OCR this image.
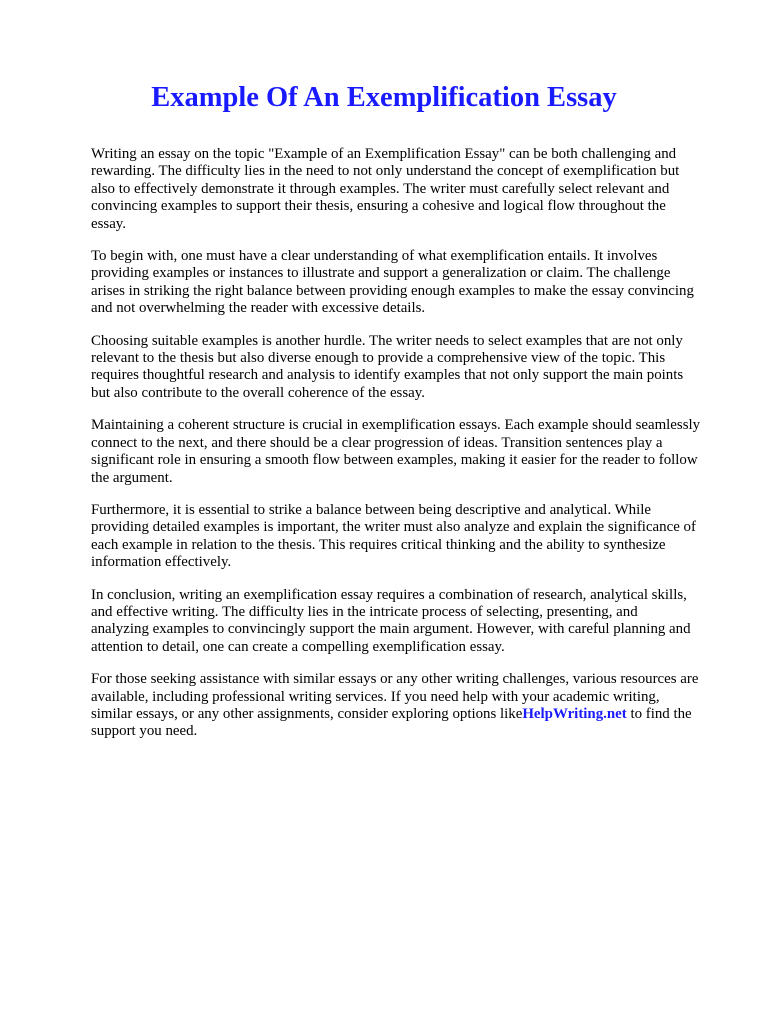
Example Of An Exemplification Essay

Writing an essay on the topic "Example of an Exemplification Essay" can be both challenging and
rewarding. The difficulty lies in the need to not only understand the concept of exemplification but
also to effectively demonstrate it through examples. The writer must carefully select relevant and
convincing examples to support their thesis, ensuring a cohesive and logical flow throughout the
essay.

To begin with, one must have a clear understanding of what exemplification entails. It involves
providing examples or instances to illustrate and support a generalization or claim. The challenge
arises in striking the right balance between providing enough examples to make the essay convincing
and not overwhelming the reader with excessive details.

Choosing suitable examples is another hurdle. The writer needs to select examples that are not only
relevant to the thesis but also diverse enough to provide a comprehensive view of the topic. This
requires thoughtful research and analysis to identify examples that not only support the main points
but also contribute to the overall coherence of the essay.

Maintaining a coherent structure is crucial in exemplification essays. Each example should seamlessly
connect to the next, and there should be a clear progression of ideas. Transition sentences play a
significant role in ensuring a smooth flow between examples, making it easier for the reader to follow
the argument.

Furthermore, it is essential to strike a balance between being descriptive and analytical. While
providing detailed examples is important, the writer must also analyze and explain the significance of
each example in relation to the thesis. This requires critical thinking and the ability to synthesize
information effectively.

In conclusion, writing an exemplification essay requires a combination of research, analytical skills,
and effective writing. The difficulty lies in the intricate process of selecting, presenting, and
analyzing examples to convincingly support the main argument. However, with careful planning and
attention to detail, one can create a compelling exemplification essay.

For those seeking assistance with similar essays or any other writing challenges, various resources are
available, including professional writing services. If you need help with your academic writing,
similar essays, or any other assignments, consider exploring options likeHelpWriting.net to find the
support you need.
